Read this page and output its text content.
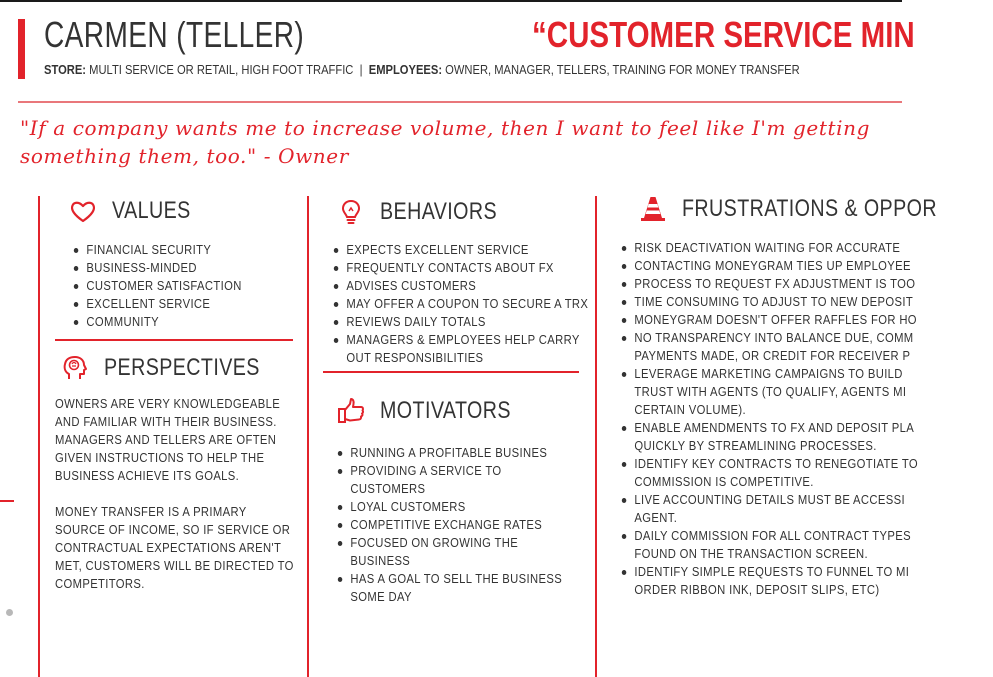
CARMEN (TELLER)	“CUSTOMER SERVICE MIN
STORE: MULTI SERVICE OR RETAIL, HIGH FOOT TRAFFIC | EMPLOYEES: OWNER, MANAGER, TELLERS, TRAINING FOR MONEY TRANSFER
"If a company wants me to increase volume, then I want to feel like I'm getting something them, too." - Owner
VALUES
FINANCIAL SECURITY
BUSINESS-MINDED
CUSTOMER SATISFACTION
EXCELLENT SERVICE
COMMUNITY
PERSPECTIVES
OWNERS ARE VERY KNOWLEDGEABLE AND FAMILIAR WITH THEIR BUSINESS. MANAGERS AND TELLERS ARE OFTEN GIVEN INSTRUCTIONS TO HELP THE BUSINESS ACHIEVE ITS GOALS.
MONEY TRANSFER IS A PRIMARY SOURCE OF INCOME, SO IF SERVICE OR CONTRACTUAL EXPECTATIONS AREN'T MET, CUSTOMERS WILL BE DIRECTED TO COMPETITORS.
BEHAVIORS
EXPECTS EXCELLENT SERVICE
FREQUENTLY CONTACTS ABOUT FX
ADVISES CUSTOMERS
MAY OFFER A COUPON TO SECURE A TRX
REVIEWS DAILY TOTALS
MANAGERS & EMPLOYEES HELP CARRY
OUT RESPONSIBILITIES
MOTIVATORS
RUNNING A PROFITABLE BUSINES
PROVIDING A SERVICE TO
CUSTOMERS
LOYAL CUSTOMERS
COMPETITIVE EXCHANGE RATES
FOCUSED ON GROWING THE
BUSINESS
HAS A GOAL TO SELL THE BUSINESS
SOME DAY
FRUSTRATIONS & OPPOR
RISK DEACTIVATION WAITING FOR ACCURATE
CONTACTING MONEYGRAM TIES UP EMPLOYEE
PROCESS TO REQUEST FX ADJUSTMENT IS TOO
TIME CONSUMING TO ADJUST TO NEW DEPOSIT
MONEYGRAM DOESN'T OFFER RAFFLES FOR HO
NO TRANSPARENCY INTO BALANCE DUE, COMM
PAYMENTS MADE, OR CREDIT FOR RECEIVER P
LEVERAGE MARKETING CAMPAIGNS TO BUILD
TRUST WITH AGENTS (TO QUALIFY, AGENTS MI
CERTAIN VOLUME).
ENABLE AMENDMENTS TO FX AND DEPOSIT PLA
QUICKLY BY STREAMLINING PROCESSES.
IDENTIFY KEY CONTRACTS TO RENEGOTIATE TO
COMMISSION IS COMPETITIVE.
LIVE ACCOUNTING DETAILS MUST BE ACCESSI
AGENT.
DAILY COMMISSION FOR ALL CONTRACT TYPES
FOUND ON THE TRANSACTION SCREEN.
IDENTIFY SIMPLE REQUESTS TO FUNNEL TO MI
ORDER RIBBON INK, DEPOSIT SLIPS, ETC)
